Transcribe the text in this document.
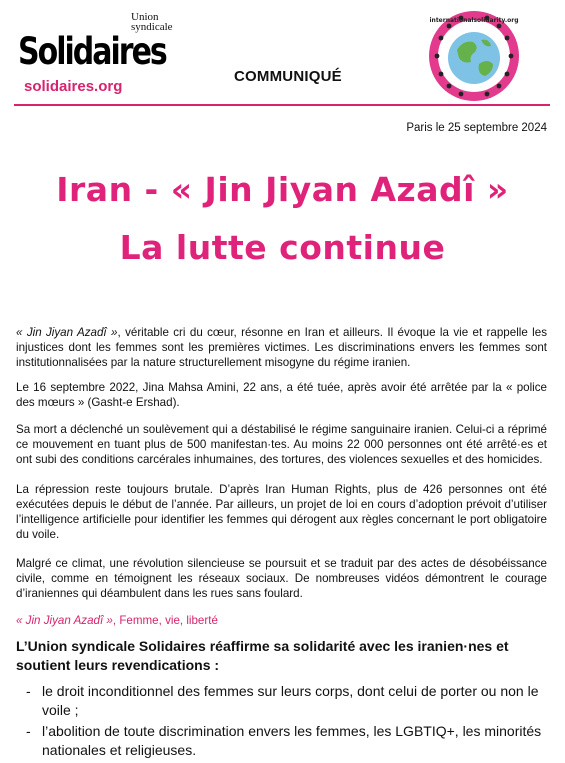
Union
syndicale
Solidaires
solidaires.org
COMMUNIQUÉ
internationalsolidarity.org
Paris le 25 septembre 2024
Iran - « Jin Jiyan Azadî »
La lutte continue
« Jin Jiyan Azadî », véritable cri du cœur, résonne en Iran et ailleurs. Il évoque la vie et rappelle les injustices dont les femmes sont les premières victimes. Les discriminations envers les femmes sont institutionnalisées par la nature structurellement misogyne du régime iranien.
Le 16 septembre 2022, Jina Mahsa Amini, 22 ans, a été tuée, après avoir été arrêtée par la « police des mœurs » (Gasht-e Ershad).
Sa mort a déclenché un soulèvement qui a déstabilisé le régime sanguinaire iranien. Celui-ci a réprimé ce mouvement en tuant plus de 500 manifestan·tes. Au moins 22 000 personnes ont été arrêté·es et ont subi des conditions carcérales inhumaines, des tortures, des violences sexuelles et des homicides.
La répression reste toujours brutale. D’après Iran Human Rights, plus de 426 personnes ont été exécutées depuis le début de l’année. Par ailleurs, un projet de loi en cours d’adoption prévoit d’utiliser l’intelligence artificielle pour identifier les femmes qui dérogent aux règles concernant le port obligatoire du voile.
Malgré ce climat, une révolution silencieuse se poursuit et se traduit par des actes de désobéissance civile, comme en témoignent les réseaux sociaux. De nombreuses vidéos démontrent le courage d’iraniennes qui déambulent dans les rues sans foulard.
« Jin Jiyan Azadî », Femme, vie, liberté
L’Union syndicale Solidaires réaffirme sa solidarité avec les iranien·nes et soutient leurs revendications :
- le droit inconditionnel des femmes sur leurs corps, dont celui de porter ou non le voile ;
- l’abolition de toute discrimination envers les femmes, les LGBTIQ+, les minorités nationales et religieuses.
